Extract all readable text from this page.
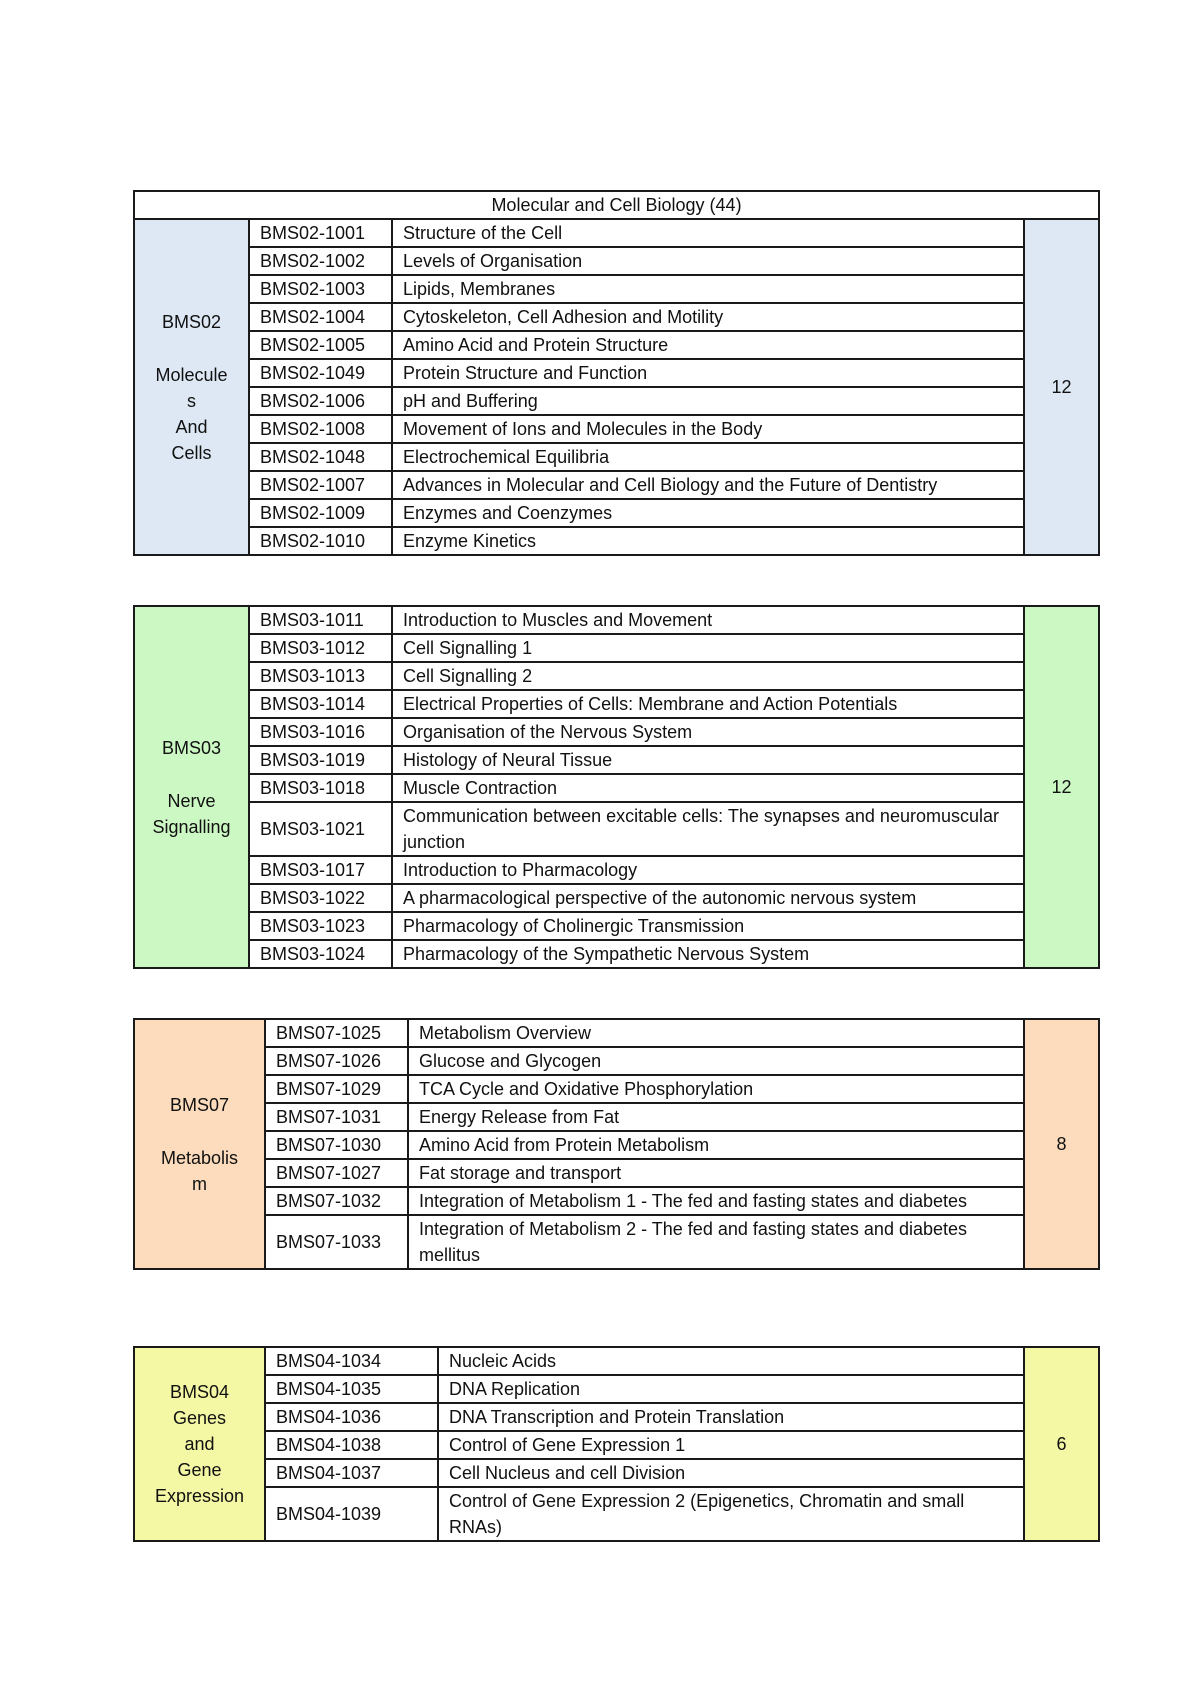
Molecular and Cell Biology (44)			

BMS02
Molecule
s
And
Cells	BMS02-1001	Structure of the Cell	12
	BMS02-1002	Levels of Organisation	
	BMS02-1003	Lipids, Membranes	
	BMS02-1004	Cytoskeleton, Cell Adhesion and Motility	
	BMS02-1005	Amino Acid and Protein Structure	
	BMS02-1049	Protein Structure and Function	
	BMS02-1006	pH and Buffering	
	BMS02-1008	Movement of Ions and Molecules in the Body	
	BMS02-1048	Electrochemical Equilibria	
	BMS02-1007	Advances in Molecular and Cell Biology and the Future of Dentistry	
	BMS02-1009	Enzymes and Coenzymes	
	BMS02-1010	Enzyme Kinetics	
BMS03
Nerve
Signalling	BMS03-1011	Introduction to Muscles and Movement	12
	BMS03-1012	Cell Signalling 1	
	BMS03-1013	Cell Signalling 2	
	BMS03-1014	Electrical Properties of Cells: Membrane and Action Potentials	
	BMS03-1016	Organisation of the Nervous System	
	BMS03-1019	Histology of Neural Tissue	
	BMS03-1018	Muscle Contraction	
	BMS03-1021	Communication between excitable cells: The synapses and neuromuscular junction	
	BMS03-1017	Introduction to Pharmacology	
	BMS03-1022	A pharmacological perspective of the autonomic nervous system	
	BMS03-1023	Pharmacology of Cholinergic Transmission	
	BMS03-1024	Pharmacology of the Sympathetic Nervous System	
BMS07
Metabolis
m	BMS07-1025	Metabolism Overview	8
	BMS07-1026	Glucose and Glycogen	
	BMS07-1029	TCA Cycle and Oxidative Phosphorylation	
	BMS07-1031	Energy Release from Fat	
	BMS07-1030	Amino Acid from Protein Metabolism	
	BMS07-1027	Fat storage and transport	
	BMS07-1032	Integration of Metabolism 1 - The fed and fasting states and diabetes	
	BMS07-1033	Integration of Metabolism 2 - The fed and fasting states and diabetes mellitus	
BMS04
Genes
and
Gene
Expression	BMS04-1034	Nucleic Acids	6
	BMS04-1035	DNA Replication	
	BMS04-1036	DNA Transcription and Protein Translation	
	BMS04-1038	Control of Gene Expression 1	
	BMS04-1037	Cell Nucleus and cell Division	
	BMS04-1039	Control of Gene Expression 2 (Epigenetics, Chromatin and small RNAs)	
